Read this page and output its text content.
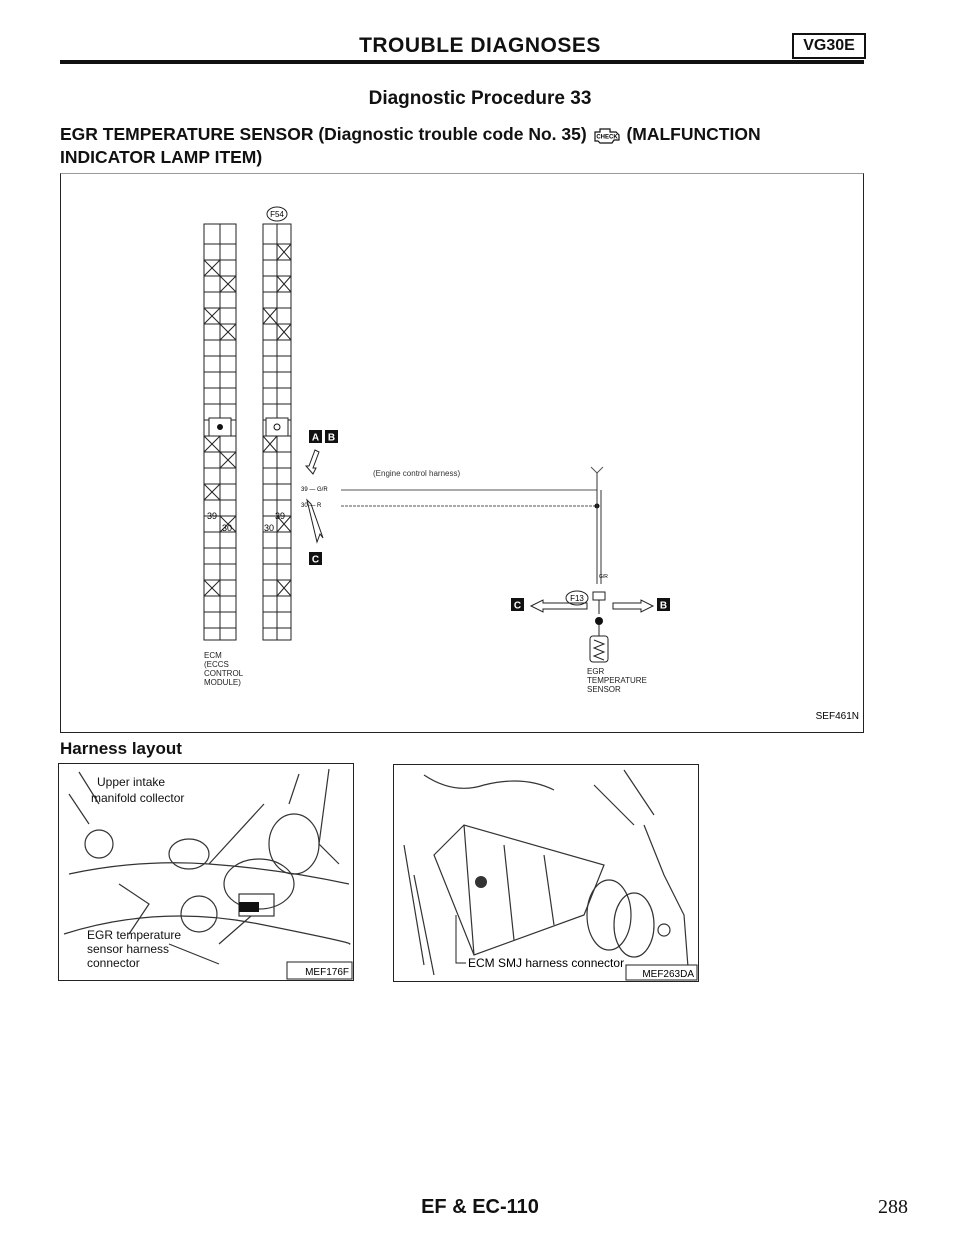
TROUBLE DIAGNOSES	VG30E
Diagnostic Procedure 33
EGR TEMPERATURE SENSOR (Diagnostic trouble code No. 35) CHECK (MALFUNCTION
INDICATOR LAMP ITEM)
F54
39
30
39
30
ECM (ECCS CONTROL MODULE)
A B
C
39 — G/R
30 — R
(Engine control harness)
G/R
F13
C	B
EGR TEMPERATURE SENSOR
SEF461N
Harness layout
Upper intake manifold collector
EGR temperature sensor harness connector
MEF176F
ECM SMJ harness connector
MEF263DA
EF & EC-110	288
